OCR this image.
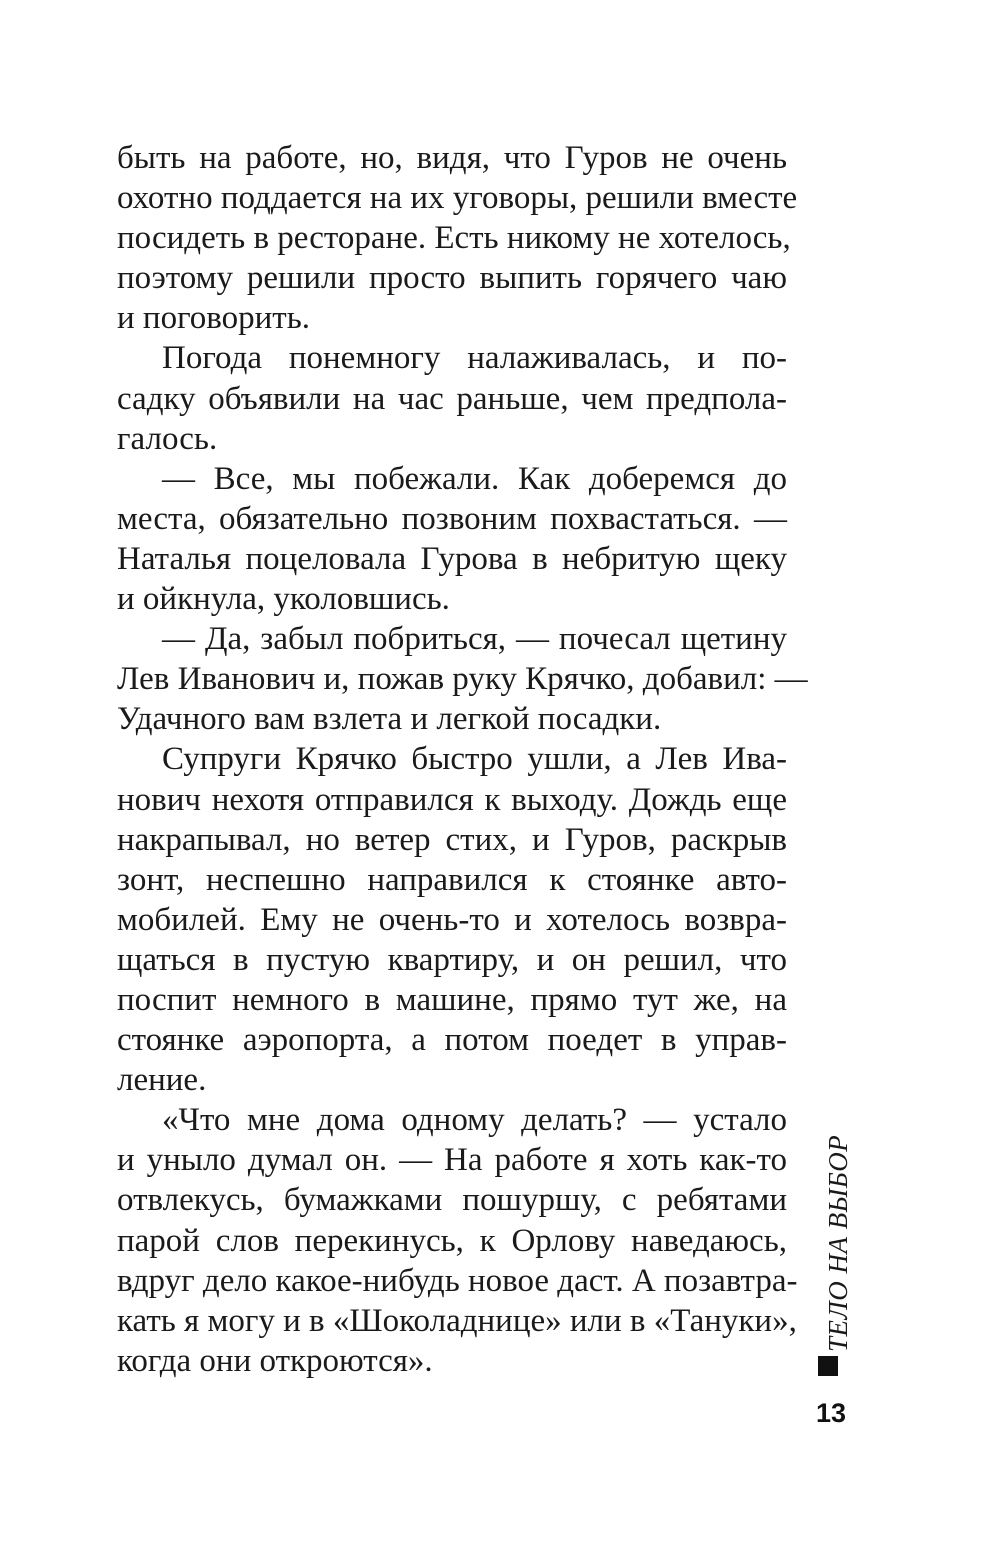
быть на работе, но, видя, что Гуров не очень
охотно поддается на их уговоры, решили вместе
посидеть в ресторане. Есть никому не хотелось,
поэтому решили просто выпить горячего чаю
и поговорить.
Погода понемногу налаживалась, и по-
садку объявили на час раньше, чем предпола-
галось.
— Все, мы побежали. Как доберемся до
места, обязательно позвоним похвастаться. —
Наталья поцеловала Гурова в небритую щеку
и ойкнула, уколовшись.
— Да, забыл побриться, — почесал щетину
Лев Иванович и, пожав руку Крячко, добавил: —
Удачного вам взлета и легкой посадки.
Супруги Крячко быстро ушли, а Лев Ива-
нович нехотя отправился к выходу. Дождь еще
накрапывал, но ветер стих, и Гуров, раскрыв
зонт, неспешно направился к стоянке авто-
мобилей. Ему не очень-то и хотелось возвра-
щаться в пустую квартиру, и он решил, что
поспит немного в машине, прямо тут же, на
стоянке аэропорта, а потом поедет в управ-
ление.
«Что мне дома одному делать? — устало
и уныло думал он. — На работе я хоть как-то
отвлекусь, бумажками пошуршу, с ребятами
парой слов перекинусь, к Орлову наведаюсь,
вдруг дело какое-нибудь новое даст. А позавтра-
кать я могу и в «Шоколаднице» или в «Тануки»,
когда они откроются».
ТЕЛО НА ВЫБОР
13
